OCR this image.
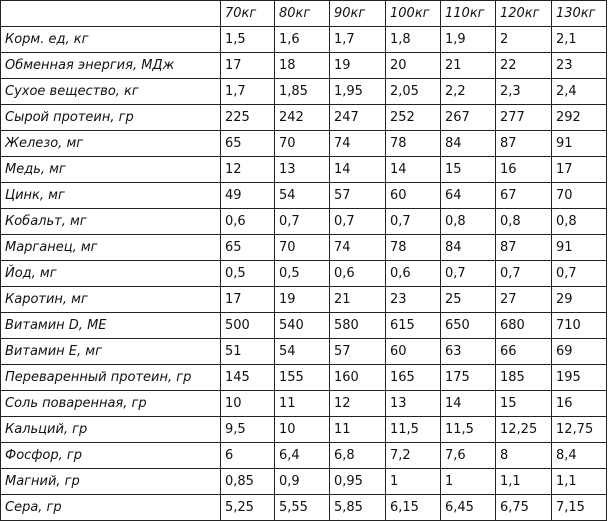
	70кг	80кг	90кг	100кг	110кг	120кг	130кг
Корм. ед, кг	1,5	1,6	1,7	1,8	1,9	2	2,1
Обменная энергия, МДж	17	18	19	20	21	22	23
Сухое вещество, кг	1,7	1,85	1,95	2,05	2,2	2,3	2,4
Сырой протеин, гр	225	242	247	252	267	277	292
Железо, мг	65	70	74	78	84	87	91
Медь, мг	12	13	14	14	15	16	17
Цинк, мг	49	54	57	60	64	67	70
Кобальт, мг	0,6	0,7	0,7	0,7	0,8	0,8	0,8
Марганец, мг	65	70	74	78	84	87	91
Йод, мг	0,5	0,5	0,6	0,6	0,7	0,7	0,7
Каротин, мг	17	19	21	23	25	27	29
Витамин D, МЕ	500	540	580	615	650	680	710
Витамин Е, мг	51	54	57	60	63	66	69
Переваренный протеин, гр	145	155	160	165	175	185	195
Соль поваренная, гр	10	11	12	13	14	15	16
Кальций, гр	9,5	10	11	11,5	11,5	12,25	12,75
Фосфор, гр	6	6,4	6,8	7,2	7,6	8	8,4
Магний, гр	0,85	0,9	0,95	1	1	1,1	1,1
Сера, гр	5,25	5,55	5,85	6,15	6,45	6,75	7,15
